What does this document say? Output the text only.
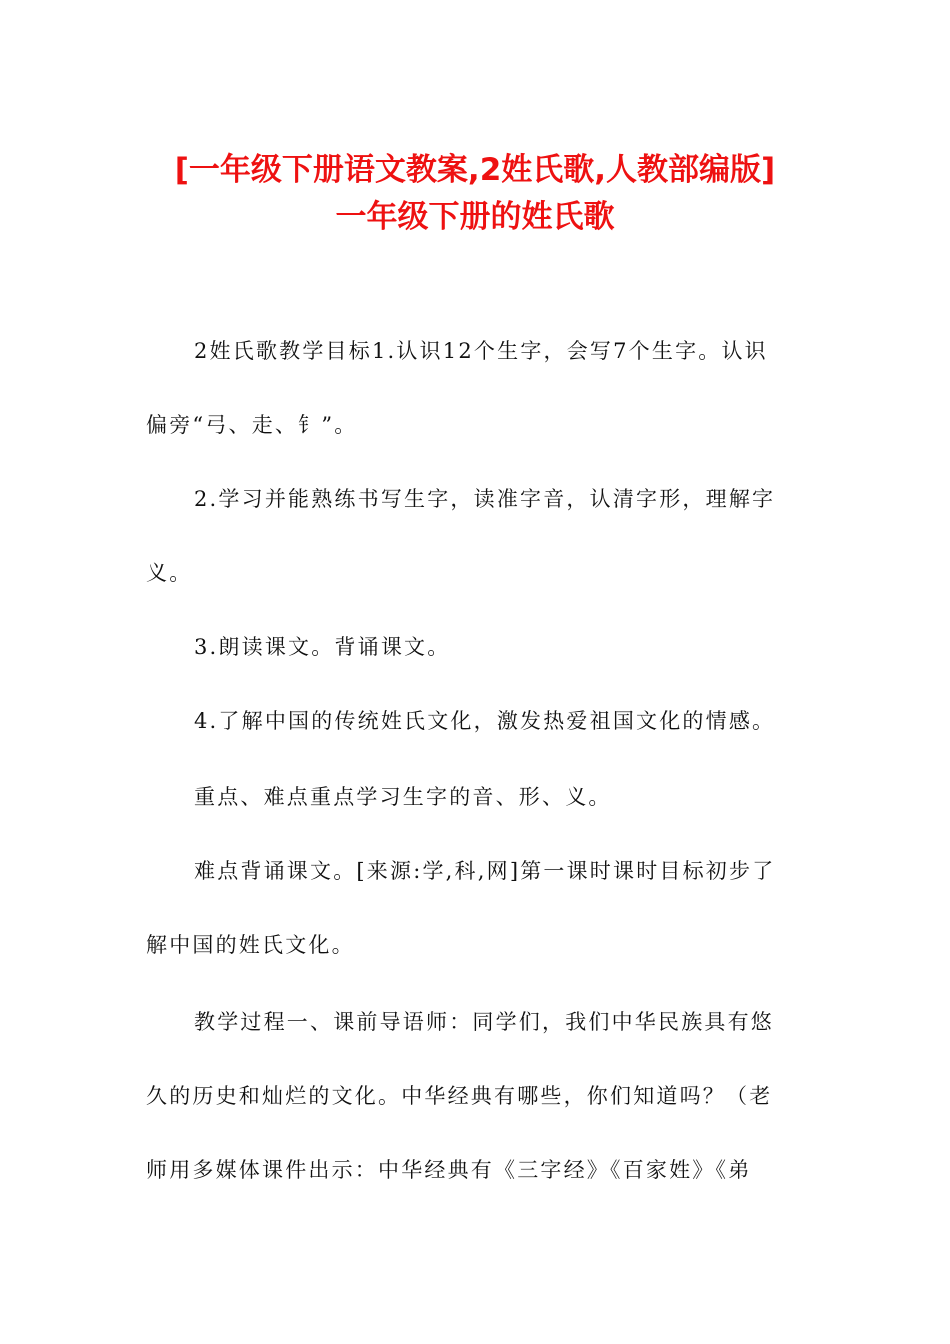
[一年级下册语文教案,2姓氏歌,人教部编版]
一年级下册的姓氏歌
2姓氏歌教学目标1.认识12个生字，会写7个生字。认识
偏旁“弓、走、钅”。
2.学习并能熟练书写生字，读准字音，认清字形，理解字
义。
3.朗读课文。背诵课文。
4.了解中国的传统姓氏文化，激发热爱祖国文化的情感。
重点、难点重点学习生字的音、形、义。
难点背诵课文。[来源:学,科,网]第一课时课时目标初步了
解中国的姓氏文化。
教学过程一、课前导语师：同学们，我们中华民族具有悠
久的历史和灿烂的文化。中华经典有哪些，你们知道吗？（老
师用多媒体课件出示：中华经典有《三字经》《百家姓》《弟
